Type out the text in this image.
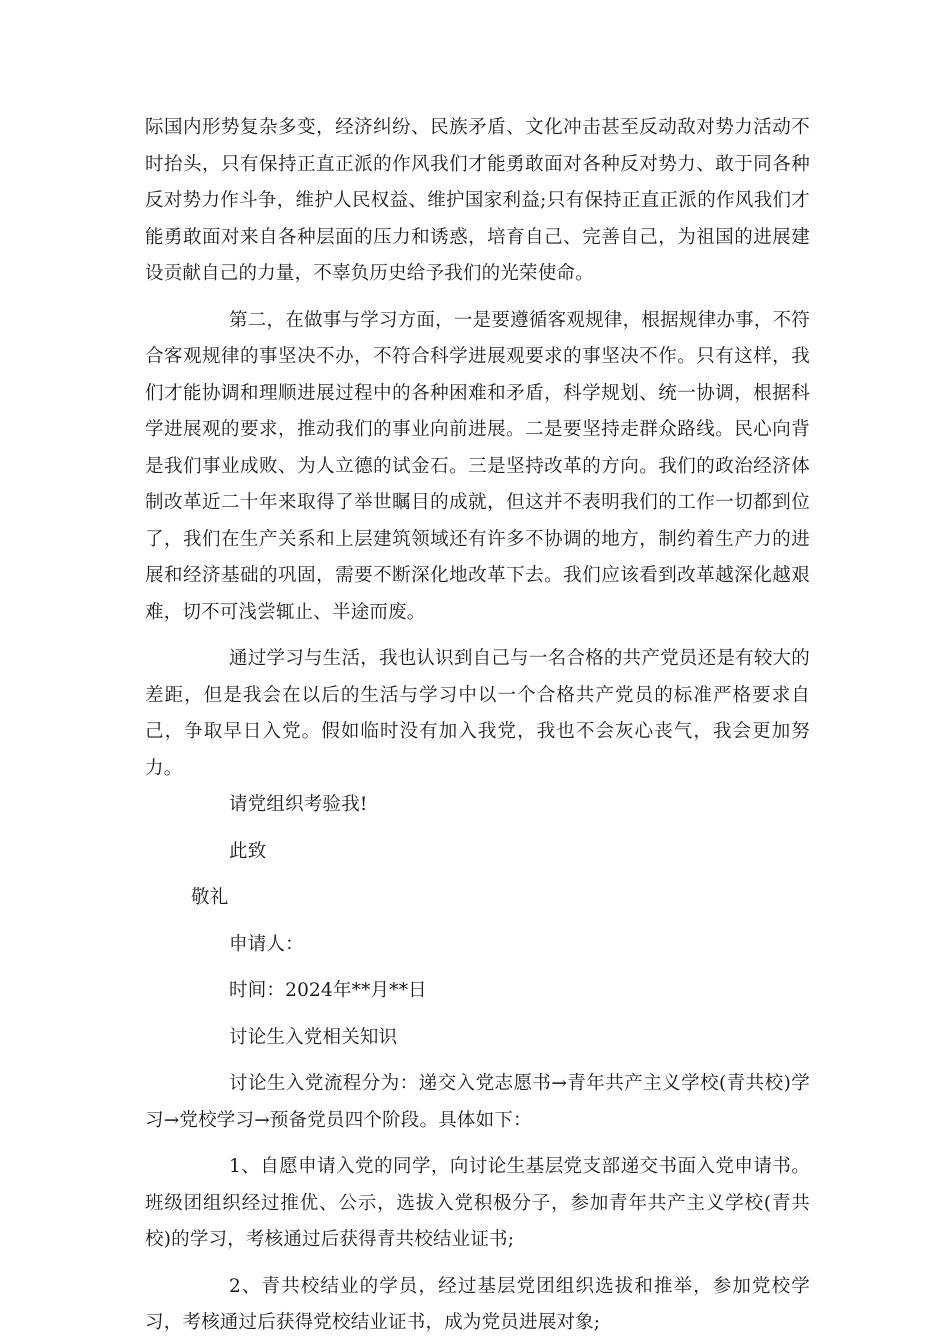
际国内形势复杂多变，经济纠纷、民族矛盾、文化冲击甚至反动敌对势力活动不时抬头，只有保持正直正派的作风我们才能勇敢面对各种反对势力、敢于同各种反对势力作斗争，维护人民权益、维护国家利益;只有保持正直正派的作风我们才能勇敢面对来自各种层面的压力和诱惑，培育自己、完善自己，为祖国的进展建设贡献自己的力量，不辜负历史给予我们的光荣使命。

第二，在做事与学习方面，一是要遵循客观规律，根据规律办事，不符合客观规律的事坚决不办，不符合科学进展观要求的事坚决不作。只有这样，我们才能协调和理顺进展过程中的各种困难和矛盾，科学规划、统一协调，根据科学进展观的要求，推动我们的事业向前进展。二是要坚持走群众路线。民心向背是我们事业成败、为人立德的试金石。三是坚持改革的方向。我们的政治经济体制改革近二十年来取得了举世瞩目的成就，但这并不表明我们的工作一切都到位了，我们在生产关系和上层建筑领域还有许多不协调的地方，制约着生产力的进展和经济基础的巩固，需要不断深化地改革下去。我们应该看到改革越深化越艰难，切不可浅尝辄止、半途而废。

通过学习与生活，我也认识到自己与一名合格的共产党员还是有较大的差距，但是我会在以后的生活与学习中以一个合格共产党员的标准严格要求自己，争取早日入党。假如临时没有加入我党，我也不会灰心丧气，我会更加努力。

请党组织考验我!

此致

敬礼

申请人：

时间：2024年**月**日

讨论生入党相关知识

讨论生入党流程分为：递交入党志愿书→青年共产主义学校(青共校)学习→党校学习→预备党员四个阶段。具体如下：

1、自愿申请入党的同学，向讨论生基层党支部递交书面入党申请书。班级团组织经过推优、公示，选拔入党积极分子，参加青年共产主义学校(青共校)的学习，考核通过后获得青共校结业证书;

2、青共校结业的学员，经过基层党团组织选拔和推举，参加党校学习，考核通过后获得党校结业证书，成为党员进展对象;
